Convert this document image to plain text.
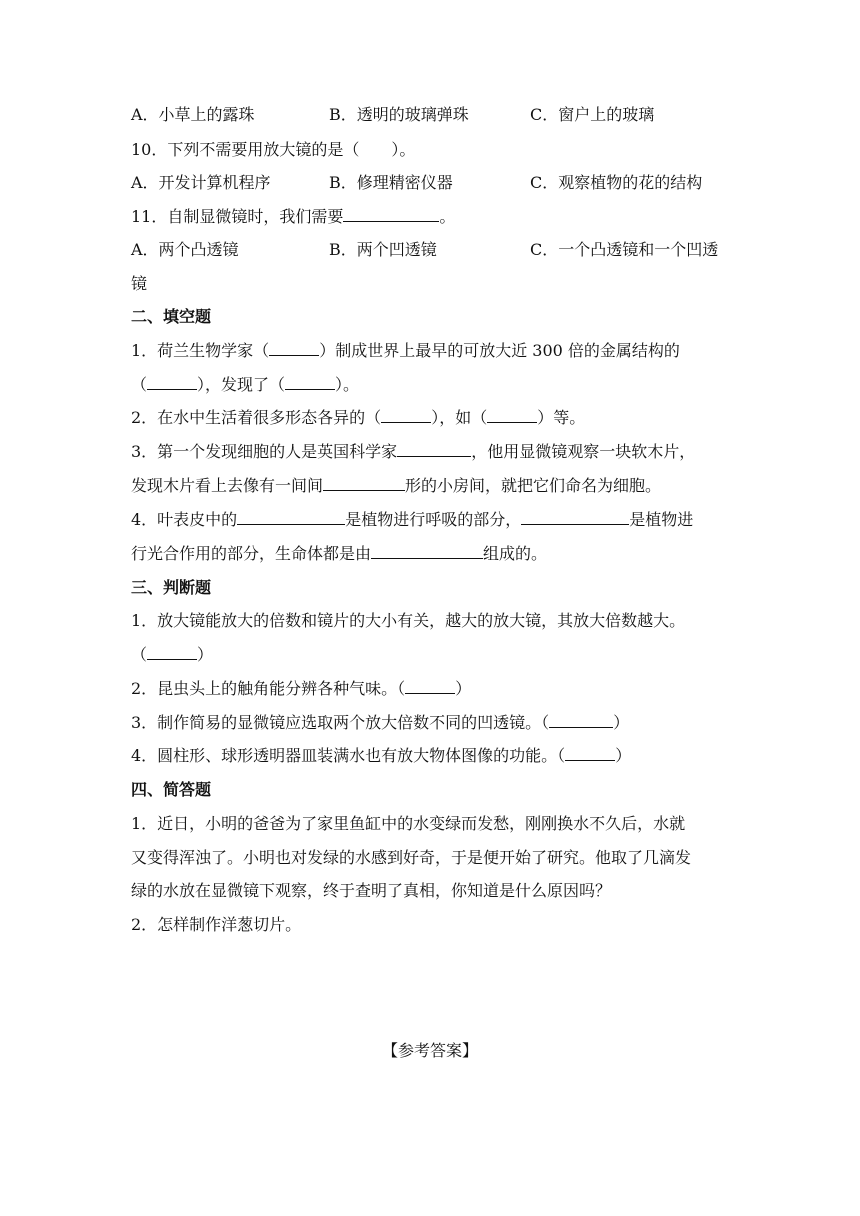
A．小草上的露珠	B．透明的玻璃弹珠	C．窗户上的玻璃
10．下列不需要用放大镜的是（　　）。
A．开发计算机程序	B．修理精密仪器	C．观察植物的花的结构
11．自制显微镜时，我们需要	。
A．两个凸透镜	B．两个凹透镜	C．一个凸透镜和一个凹透
镜
二、填空题
1．荷兰生物学家（	）制成世界上最早的可放大近 300 倍的金属结构的
（	），发现了（	）。
2．在水中生活着很多形态各异的（	），如（	）等。
3．第一个发现细胞的人是英国科学家	，他用显微镜观察一块软木片，
发现木片看上去像有一间间	形的小房间，就把它们命名为细胞。
4．叶表皮中的	是植物进行呼吸的部分，	是植物进
行光合作用的部分，生命体都是由	组成的。
三、判断题
1．放大镜能放大的倍数和镜片的大小有关，越大的放大镜，其放大倍数越大。
（	）
2．昆虫头上的触角能分辨各种气味。（	）
3．制作简易的显微镜应选取两个放大倍数不同的凹透镜。（	）
4．圆柱形、球形透明器皿装满水也有放大物体图像的功能。（	）
四、简答题
1．近日，小明的爸爸为了家里鱼缸中的水变绿而发愁，刚刚换水不久后，水就
又变得浑浊了。小明也对发绿的水感到好奇，于是便开始了研究。他取了几滴发
绿的水放在显微镜下观察，终于查明了真相，你知道是什么原因吗？
2．怎样制作洋葱切片。
【参考答案】
